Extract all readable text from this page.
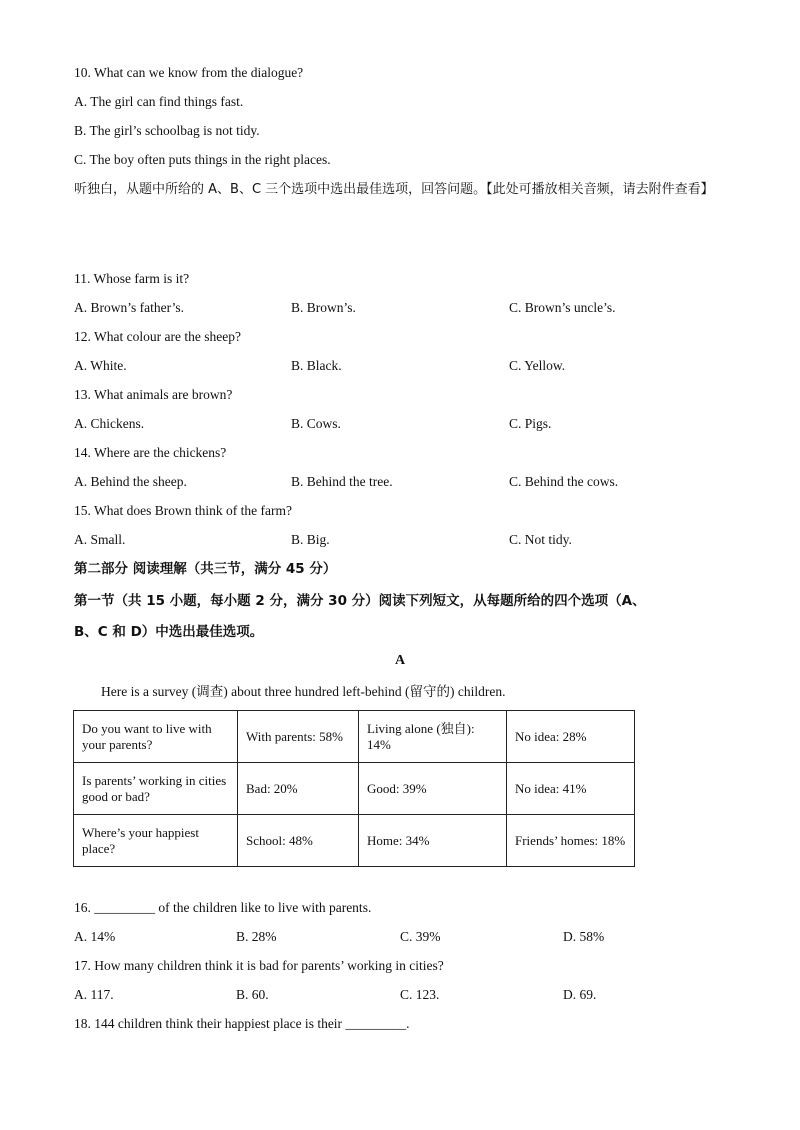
10. What can we know from the dialogue?
A. The girl can find things fast.
B. The girl’s schoolbag is not tidy.
C. The boy often puts things in the right places.
听独白，从题中所给的 A、B、C 三个选项中选出最佳选项，回答问题。【此处可播放相关音频，请去附件查看】
11. Whose farm is it?
A. Brown’s father’s.	B. Brown’s.	C. Brown’s uncle’s.
12. What colour are the sheep?
A. White.	B. Black.	C. Yellow.
13. What animals are brown?
A. Chickens.	B. Cows.	C. Pigs.
14. Where are the chickens?
A. Behind the sheep.	B. Behind the tree.	C. Behind the cows.
15. What does Brown think of the farm?
A. Small.	B. Big.	C. Not tidy.
第二部分 阅读理解（共三节，满分 45 分）
第一节（共 15 小题，每小题 2 分，满分 30 分）阅读下列短文，从每题所给的四个选项（A、
B、C 和 D）中选出最佳选项。
A
Here is a survey (调查) about three hundred left-behind (留守的) children.
Do you want to live with your parents?	With parents: 58%	Living alone (独自): 14%	No idea: 28%
Is parents’ working in cities good or bad?	Bad: 20%	Good: 39%	No idea: 41%
Where’s your happiest place?	School: 48%	Home: 34%	Friends’ homes: 18%
16. _________ of the children like to live with parents.
A. 14%	B. 28%	C. 39%	D. 58%
17. How many children think it is bad for parents’ working in cities?
A. 117.	B. 60.	C. 123.	D. 69.
18. 144 children think their happiest place is their _________.
